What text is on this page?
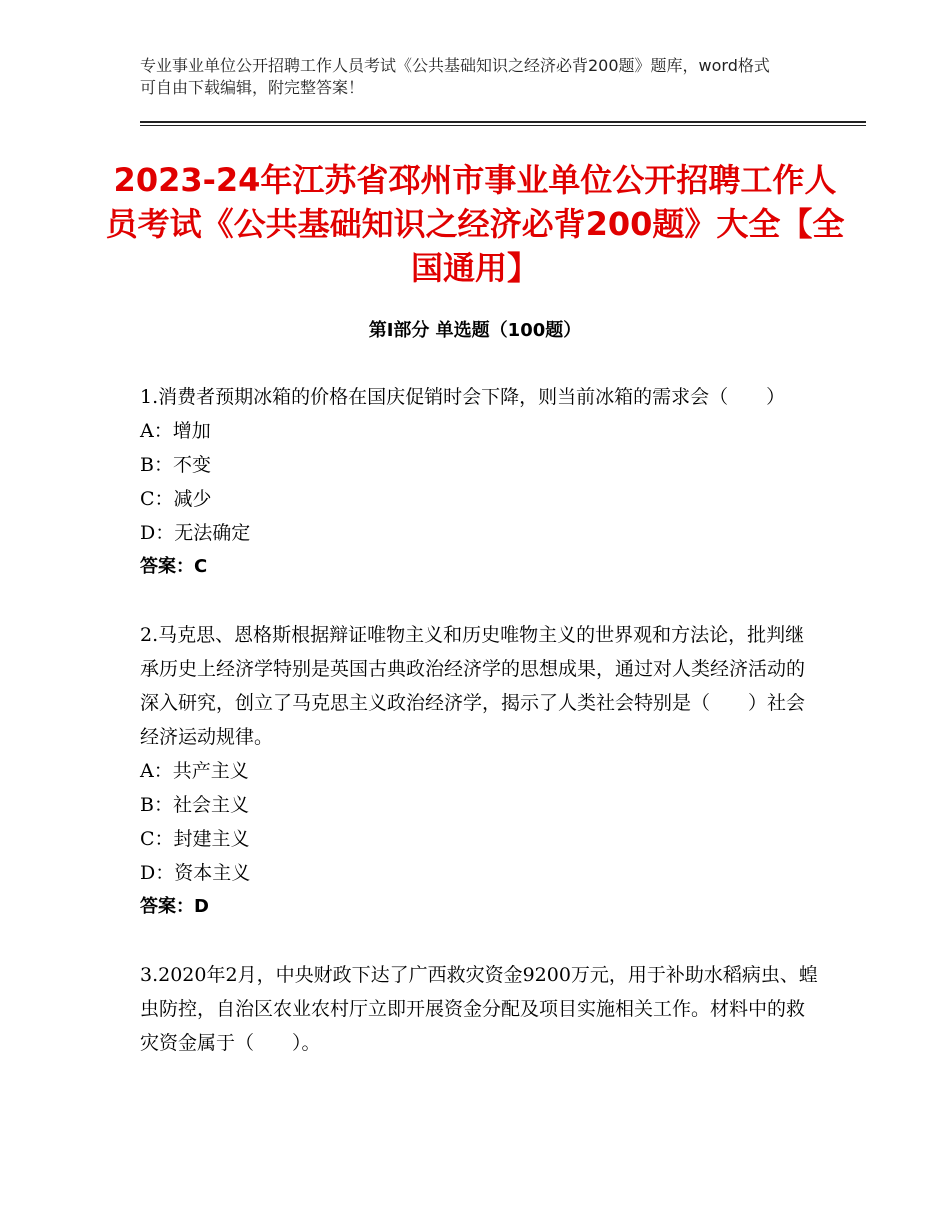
专业事业单位公开招聘工作人员考试《公共基础知识之经济必背200题》题库，word格式可自由下载编辑，附完整答案！
2023-24年江苏省邳州市事业单位公开招聘工作人员考试《公共基础知识之经济必背200题》大全【全国通用】
第Ⅰ部分 单选题（100题）

1.消费者预期冰箱的价格在国庆促销时会下降，则当前冰箱的需求会（　　）

A：增加

B：不变

C：减少

D：无法确定

答案：C

2.马克思、恩格斯根据辩证唯物主义和历史唯物主义的世界观和方法论，批判继承历史上经济学特别是英国古典政治经济学的思想成果，通过对人类经济活动的深入研究，创立了马克思主义政治经济学，揭示了人类社会特别是（　　）社会经济运动规律。

A：共产主义

B：社会主义

C：封建主义

D：资本主义

答案：D

3.2020年2月，中央财政下达了广西救灾资金9200万元，用于补助水稻病虫、蝗虫防控，自治区农业农村厅立即开展资金分配及项目实施相关工作。材料中的救灾资金属于（　　）。
